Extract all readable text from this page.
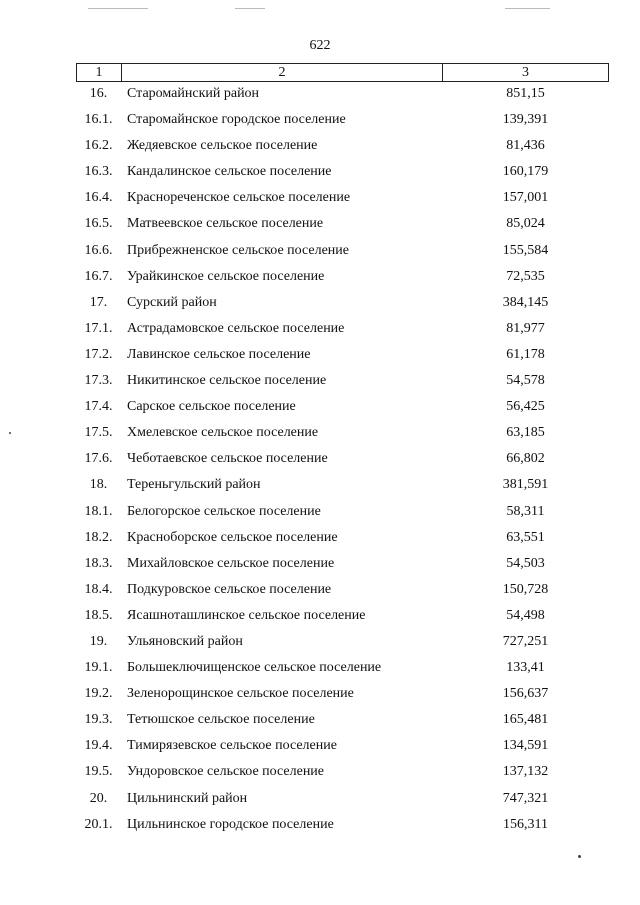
622
1	2	3
16.	Старомайнский район	851,15
16.1.	Старомайнское городское поселение	139,391
16.2.	Жедяевское сельское поселение	81,436
16.3.	Кандалинское сельское поселение	160,179
16.4.	Краснореченское сельское поселение	157,001
16.5.	Матвеевское сельское поселение	85,024
16.6.	Прибрежненское сельское поселение	155,584
16.7.	Урайкинское сельское поселение	72,535
17.	Сурский район	384,145
17.1.	Астрадамовское сельское поселение	81,977
17.2.	Лавинское сельское поселение	61,178
17.3.	Никитинское сельское поселение	54,578
17.4.	Сарское сельское поселение	56,425
17.5.	Хмелевское сельское поселение	63,185
17.6.	Чеботаевское сельское поселение	66,802
18.	Тереньгульский район	381,591
18.1.	Белогорское сельское поселение	58,311
18.2.	Красноборское сельское поселение	63,551
18.3.	Михайловское сельское поселение	54,503
18.4.	Подкуровское сельское поселение	150,728
18.5.	Ясашноташлинское сельское поселение	54,498
19.	Ульяновский район	727,251
19.1.	Большеключищенское сельское поселение	133,41
19.2.	Зеленорощинское сельское поселение	156,637
19.3.	Тетюшское сельское поселение	165,481
19.4.	Тимирязевское сельское поселение	134,591
19.5.	Ундоровское сельское поселение	137,132
20.	Цильнинский район	747,321
20.1.	Цильнинское городское поселение	156,311
